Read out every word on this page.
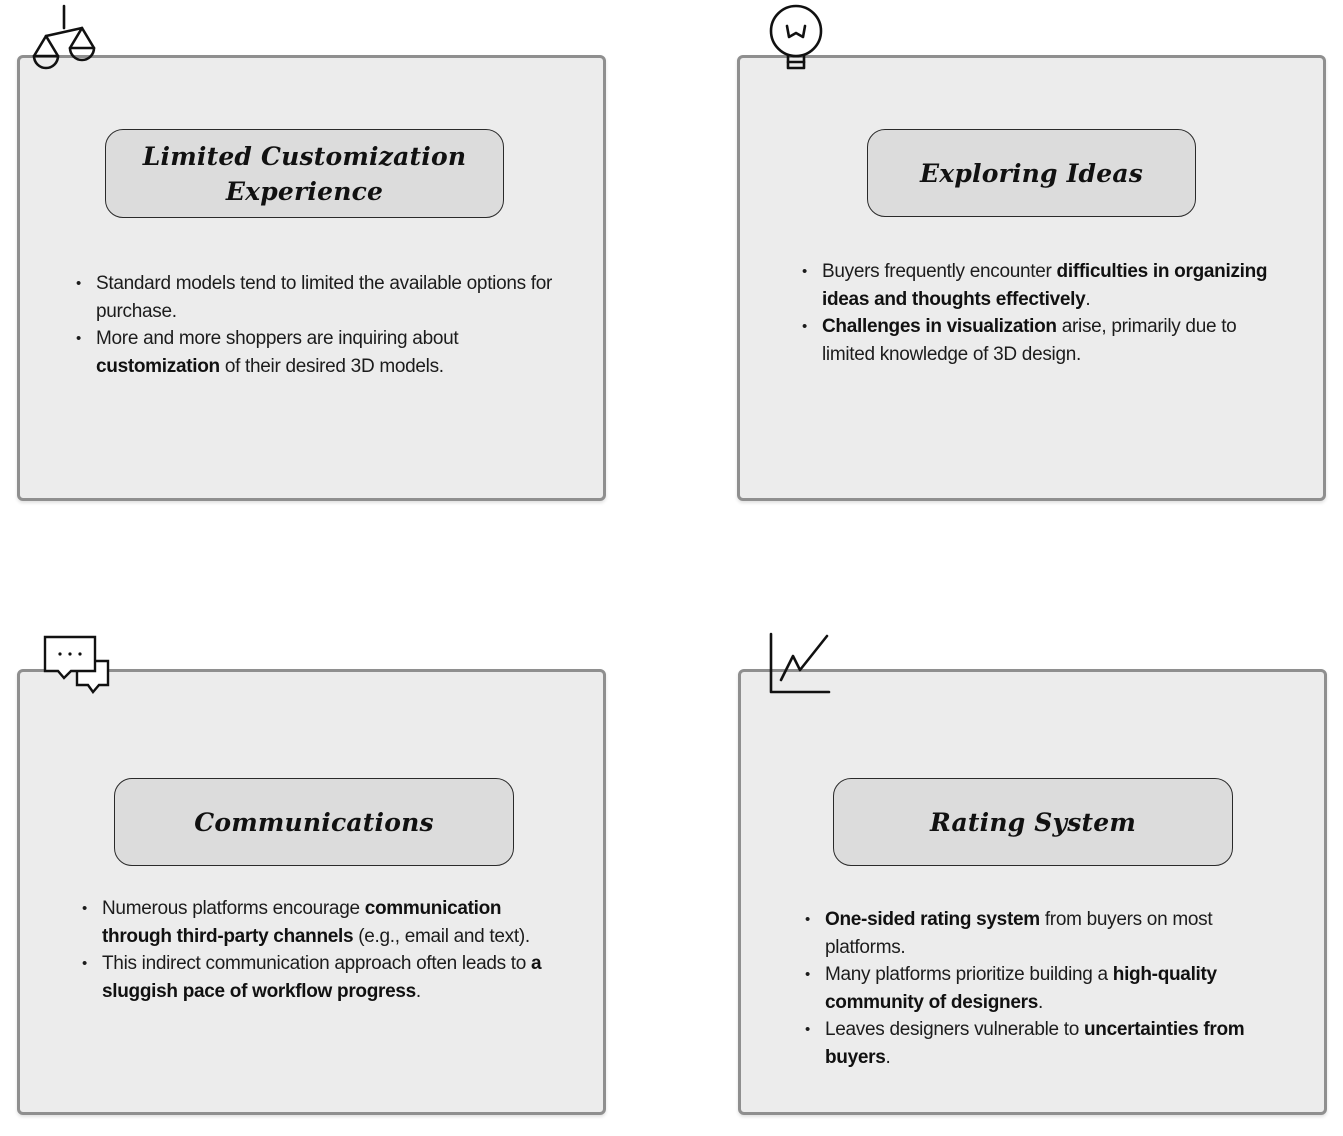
Limited Customization
Experience
• Standard models tend to limited the available options for purchase.
• More and more shoppers are inquiring about customization of their desired 3D models.
Exploring Ideas
• Buyers frequently encounter difficulties in organizing ideas and thoughts effectively.
• Challenges in visualization arise, primarily due to limited knowledge of 3D design.
Communications
• Numerous platforms encourage communication through third-party channels (e.g., email and text).
• This indirect communication approach often leads to a sluggish pace of workflow progress.
Rating System
• One-sided rating system from buyers on most platforms.
• Many platforms prioritize building a high-quality community of designers.
• Leaves designers vulnerable to uncertainties from buyers.
